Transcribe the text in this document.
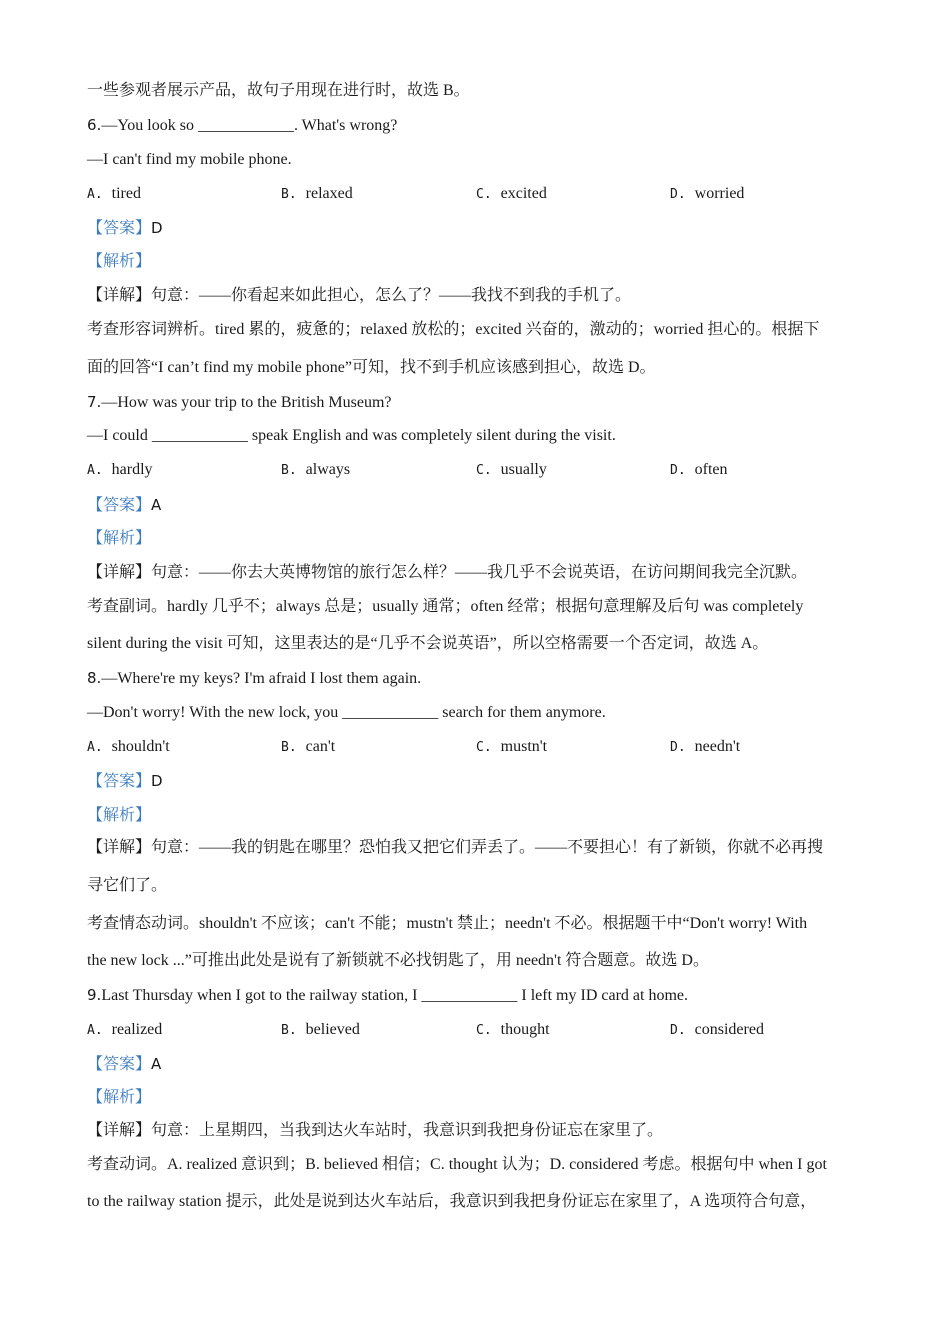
一些参观者展示产品，故句子用现在进行时，故选 B。
6.—You look so ____________. What's wrong?
—I can't find my mobile phone.
A. tired	B. relaxed	C. excited	D. worried
【答案】D
【解析】
【详解】句意：——你看起来如此担心，怎么了？——我找不到我的手机了。
考查形容词辨析。tired 累的，疲惫的；relaxed 放松的；excited 兴奋的，激动的；worried 担心的。根据下
面的回答“I can’t find my mobile phone”可知，找不到手机应该感到担心，故选 D。
7.—How was your trip to the British Museum?
—I could ____________ speak English and was completely silent during the visit.
A. hardly	B. always	C. usually	D. often
【答案】A
【解析】
【详解】句意：——你去大英博物馆的旅行怎么样？——我几乎不会说英语，在访问期间我完全沉默。
考查副词。hardly 几乎不；always 总是；usually 通常；often 经常；根据句意理解及后句 was completely
silent during the visit 可知，这里表达的是“几乎不会说英语”，所以空格需要一个否定词，故选 A。
8.—Where're my keys? I'm afraid I lost them again.
—Don't worry! With the new lock, you ____________ search for them anymore.
A. shouldn't	B. can't	C. mustn't	D. needn't
【答案】D
【解析】
【详解】句意：——我的钥匙在哪里？恐怕我又把它们弄丢了。——不要担心！有了新锁，你就不必再搜
寻它们了。
考查情态动词。shouldn't 不应该；can't 不能；mustn't 禁止；needn't 不必。根据题干中“Don't worry! With
the new lock ...”可推出此处是说有了新锁就不必找钥匙了，用 needn't 符合题意。故选 D。
9.Last Thursday when I got to the railway station, I ____________ I left my ID card at home.
A. realized	B. believed	C. thought	D. considered
【答案】A
【解析】
【详解】句意：上星期四，当我到达火车站时，我意识到我把身份证忘在家里了。
考查动词。A. realized 意识到；B. believed 相信；C. thought 认为；D. considered 考虑。根据句中 when I got
to the railway station 提示，此处是说到达火车站后，我意识到我把身份证忘在家里了，A 选项符合句意，
